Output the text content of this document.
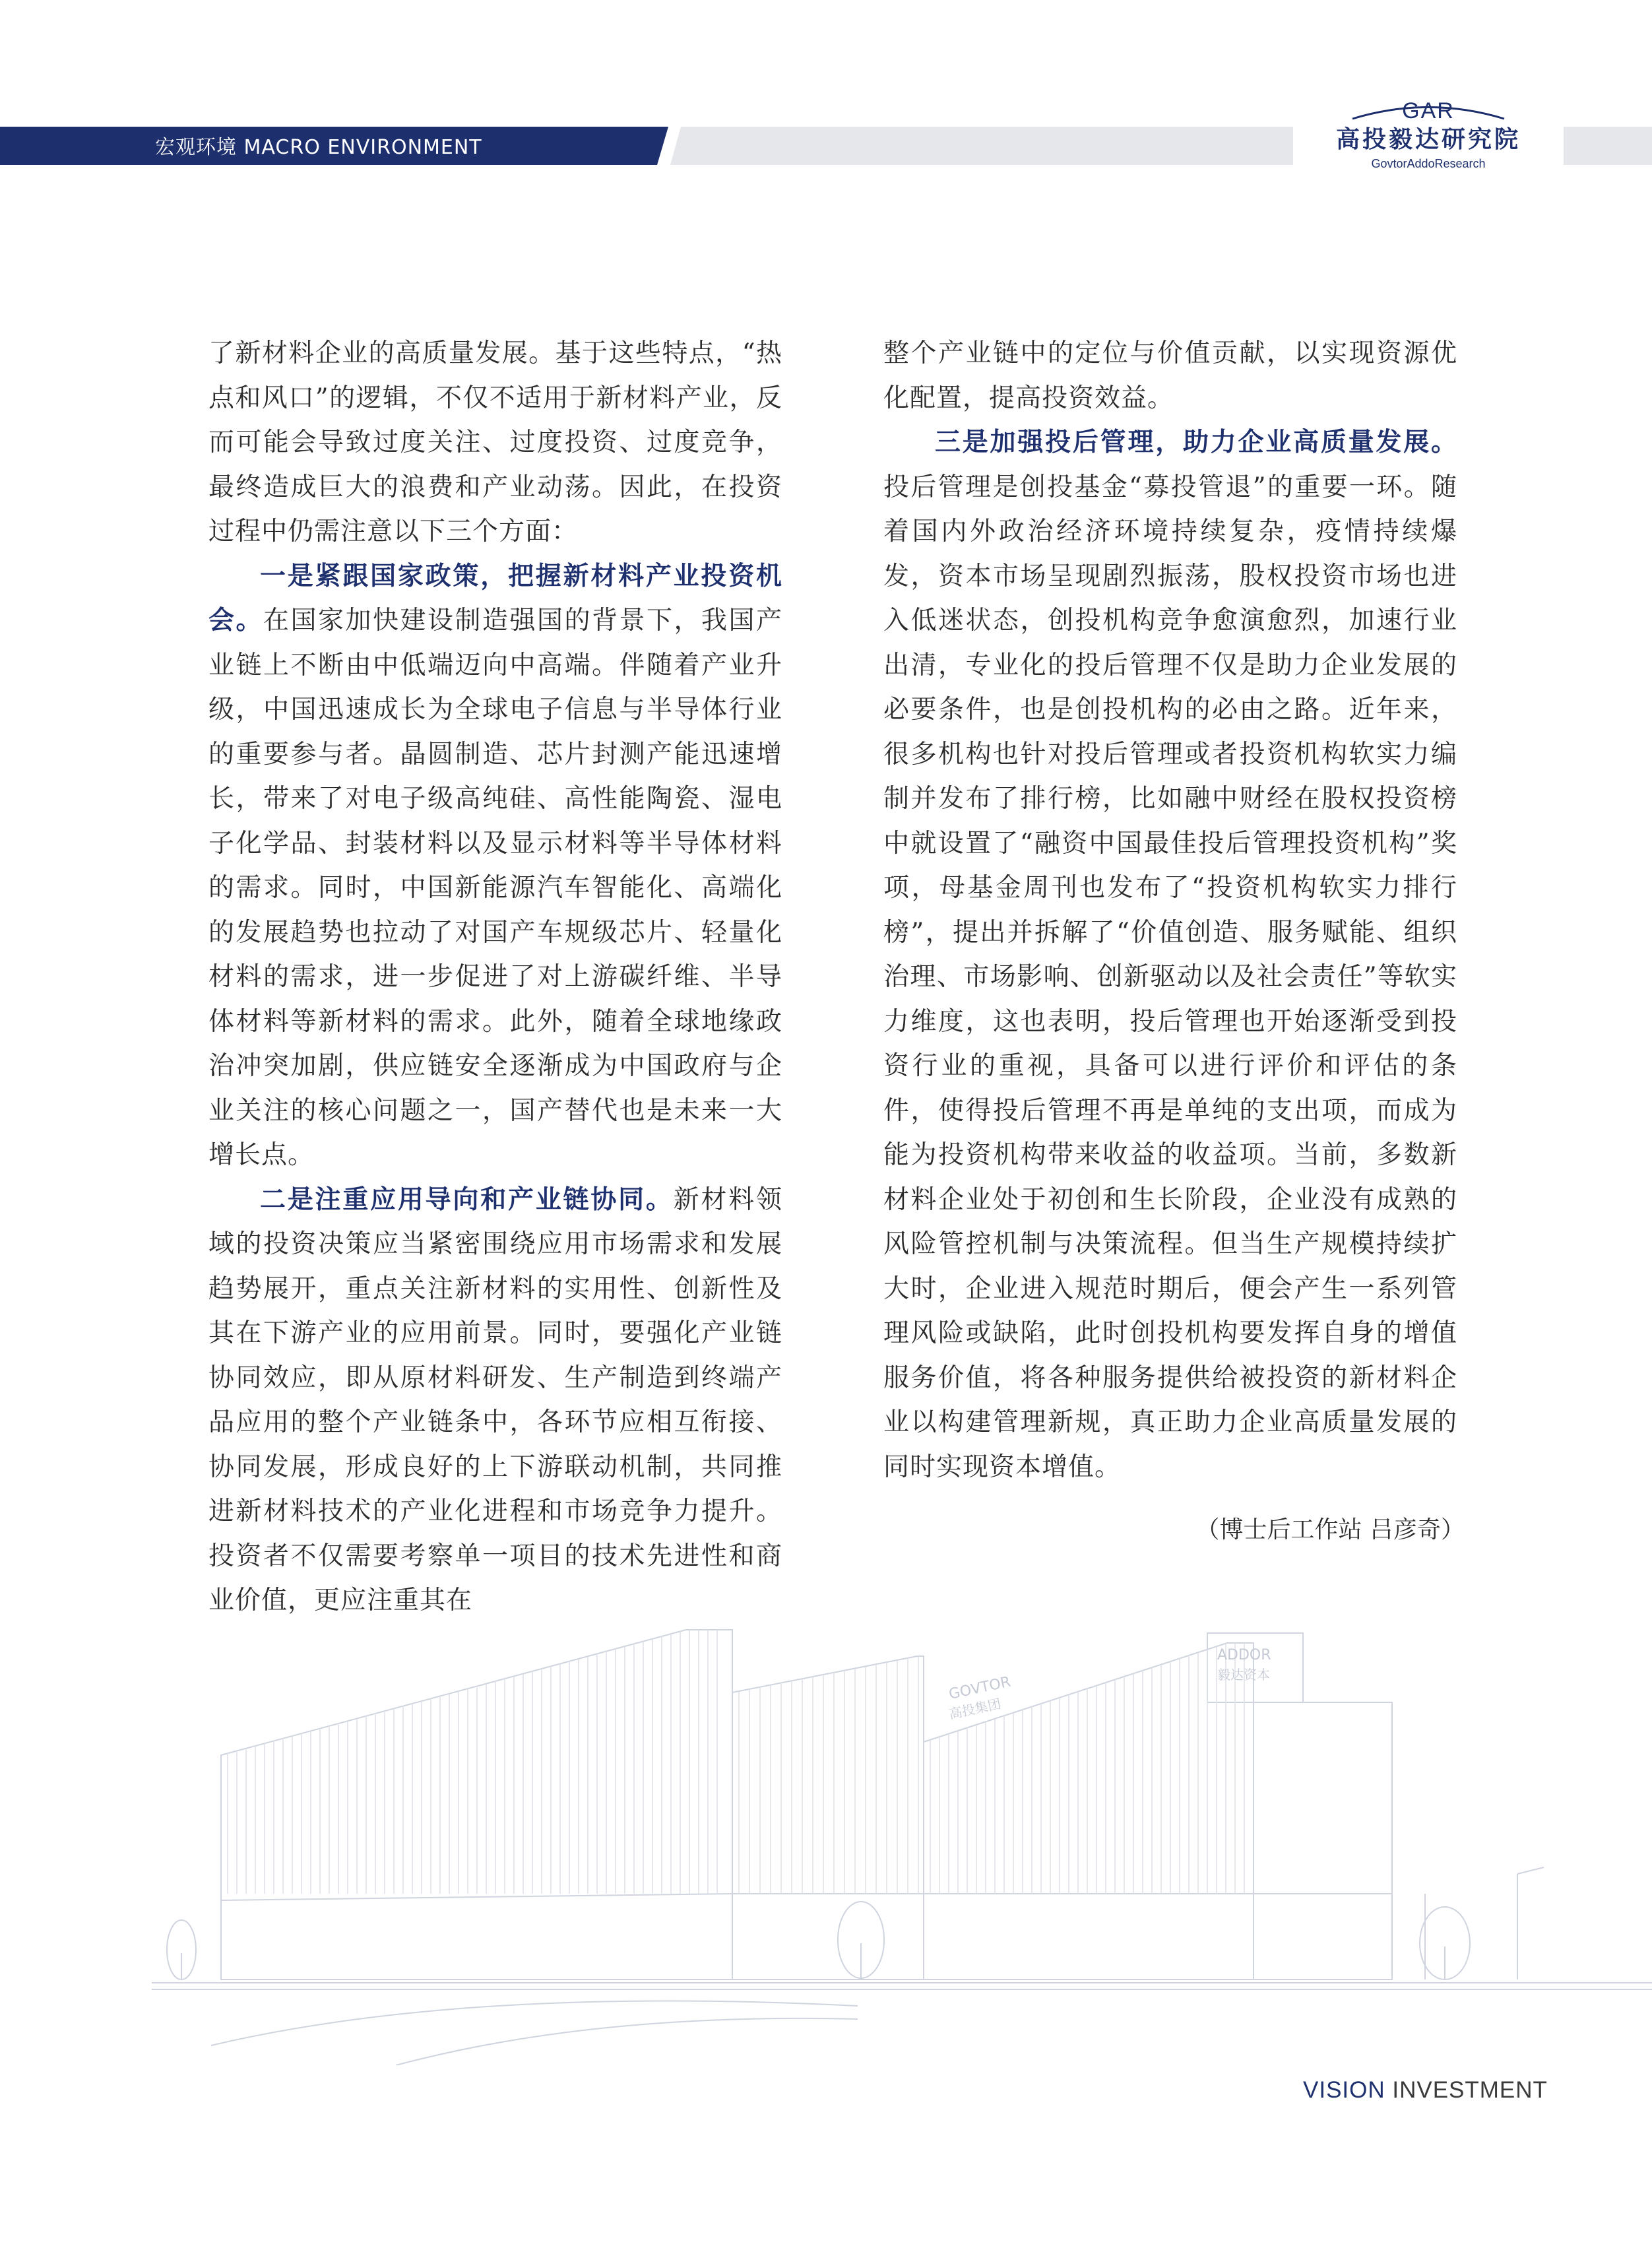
宏观环境 MACRO ENVIRONMENT
GAR
高投毅达研究院
GovtorAddoResearch

了新材料企业的高质量发展。基于这些特点，“热点和风口”的逻辑，不仅不适用于新材料产业，反而可能会导致过度关注、过度投资、过度竞争，最终造成巨大的浪费和产业动荡。因此，在投资过程中仍需注意以下三个方面：

一是紧跟国家政策，把握新材料产业投资机会。在国家加快建设制造强国的背景下，我国产业链上不断由中低端迈向中高端。伴随着产业升级，中国迅速成长为全球电子信息与半导体行业的重要参与者。晶圆制造、芯片封测产能迅速增长，带来了对电子级高纯硅、高性能陶瓷、湿电子化学品、封装材料以及显示材料等半导体材料的需求。同时，中国新能源汽车智能化、高端化的发展趋势也拉动了对国产车规级芯片、轻量化材料的需求，进一步促进了对上游碳纤维、半导体材料等新材料的需求。此外，随着全球地缘政治冲突加剧，供应链安全逐渐成为中国政府与企业关注的核心问题之一，国产替代也是未来一大增长点。

二是注重应用导向和产业链协同。新材料领域的投资决策应当紧密围绕应用市场需求和发展趋势展开，重点关注新材料的实用性、创新性及其在下游产业的应用前景。同时，要强化产业链协同效应，即从原材料研发、生产制造到终端产品应用的整个产业链条中，各环节应相互衔接、协同发展，形成良好的上下游联动机制，共同推进新材料技术的产业化进程和市场竞争力提升。投资者不仅需要考察单一项目的技术先进性和商业价值，更应注重其在

整个产业链中的定位与价值贡献，以实现资源优化配置，提高投资效益。

三是加强投后管理，助力企业高质量发展。投后管理是创投基金“募投管退”的重要一环。随着国内外政治经济环境持续复杂，疫情持续爆发，资本市场呈现剧烈振荡，股权投资市场也进入低迷状态，创投机构竞争愈演愈烈，加速行业出清，专业化的投后管理不仅是助力企业发展的必要条件，也是创投机构的必由之路。近年来，很多机构也针对投后管理或者投资机构软实力编制并发布了排行榜，比如融中财经在股权投资榜中就设置了“融资中国最佳投后管理投资机构”奖项，母基金周刊也发布了“投资机构软实力排行榜”，提出并拆解了“价值创造、服务赋能、组织治理、市场影响、创新驱动以及社会责任”等软实力维度，这也表明，投后管理也开始逐渐受到投资行业的重视，具备可以进行评价和评估的条件，使得投后管理不再是单纯的支出项，而成为能为投资机构带来收益的收益项。当前，多数新材料企业处于初创和生长阶段，企业没有成熟的风险管控机制与决策流程。但当生产规模持续扩大时，企业进入规范时期后，便会产生一系列管理风险或缺陷，此时创投机构要发挥自身的增值服务价值，将各种服务提供给被投资的新材料企业以构建管理新规，真正助力企业高质量发展的同时实现资本增值。

（博士后工作站 吕彦奇）
GOVTOR
高投集团
ADDOR
毅达资本
VISION INVESTMENT
